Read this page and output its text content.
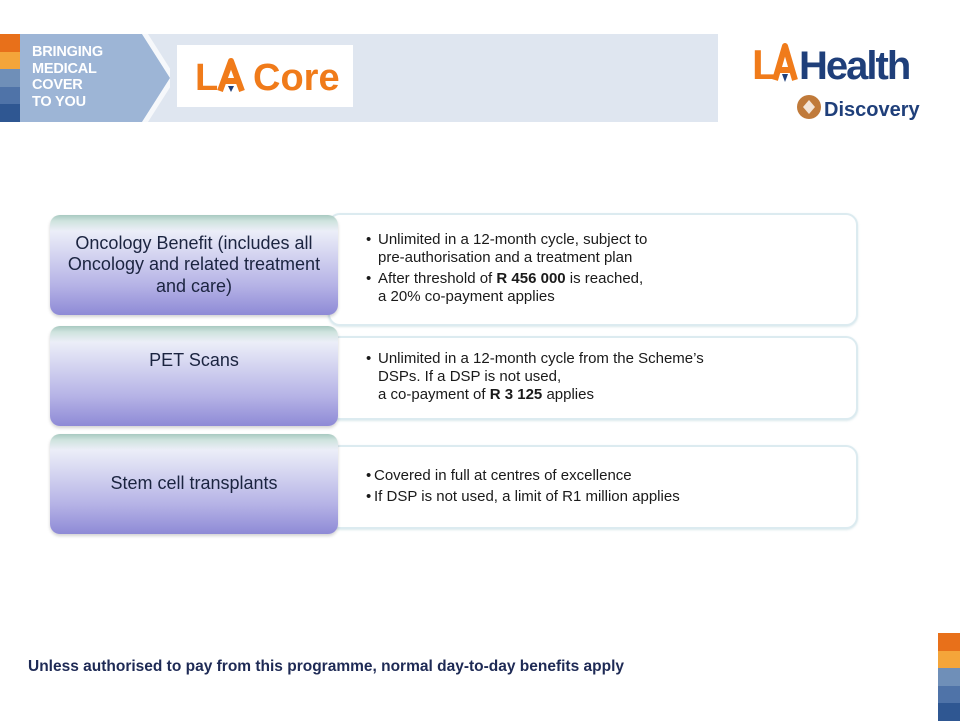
BRINGING
MEDICAL
COVER
TO YOU
L Core	L Health
Discovery
Oncology Benefit (includes all Oncology and related treatment and care)
• Unlimited in a 12-month cycle, subject to
pre-authorisation and a treatment plan
• After threshold of R 456 000 is reached,
a 20% co-payment applies
PET Scans	• Unlimited in a 12-month cycle from the Scheme’s
DSPs. If a DSP is not used,
a co-payment of R 3 125 applies
Stem cell transplants	• Covered in full at centres of excellence
• If DSP is not used, a limit of R1 million applies
Unless authorised to pay from this programme, normal day-to-day benefits apply
